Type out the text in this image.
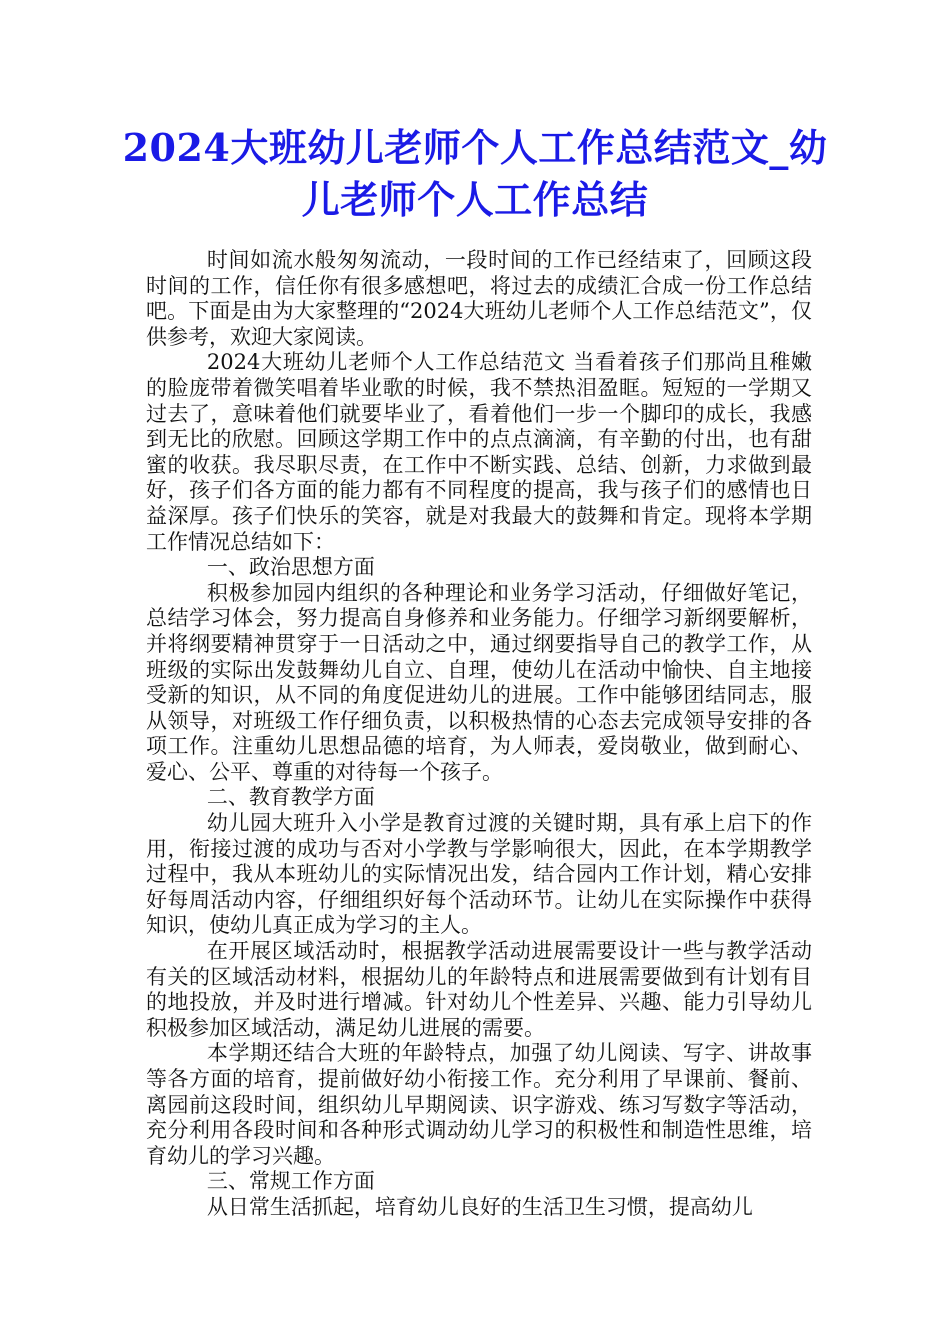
2024大班幼儿老师个人工作总结范文_幼儿老师个人工作总结

时间如流水般匆匆流动，一段时间的工作已经结束了，回顾这段时间的工作，信任你有很多感想吧，将过去的成绩汇合成一份工作总结吧。下面是由为大家整理的“2024大班幼儿老师个人工作总结范文”，仅供参考，欢迎大家阅读。

2024大班幼儿老师个人工作总结范文 当看着孩子们那尚且稚嫩的脸庞带着微笑唱着毕业歌的时候，我不禁热泪盈眶。短短的一学期又过去了，意味着他们就要毕业了，看着他们一步一个脚印的成长，我感到无比的欣慰。回顾这学期工作中的点点滴滴，有辛勤的付出，也有甜蜜的收获。我尽职尽责，在工作中不断实践、总结、创新，力求做到最好，孩子们各方面的能力都有不同程度的提高，我与孩子们的感情也日益深厚。孩子们快乐的笑容，就是对我最大的鼓舞和肯定。现将本学期工作情况总结如下：

一、政治思想方面

积极参加园内组织的各种理论和业务学习活动，仔细做好笔记，总结学习体会，努力提高自身修养和业务能力。仔细学习新纲要解析，并将纲要精神贯穿于一日活动之中，通过纲要指导自己的教学工作，从班级的实际出发鼓舞幼儿自立、自理，使幼儿在活动中愉快、自主地接受新的知识，从不同的角度促进幼儿的进展。工作中能够团结同志，服从领导，对班级工作仔细负责，以积极热情的心态去完成领导安排的各项工作。注重幼儿思想品德的培育，为人师表，爱岗敬业，做到耐心、爱心、公平、尊重的对待每一个孩子。

二、教育教学方面

幼儿园大班升入小学是教育过渡的关键时期，具有承上启下的作用，衔接过渡的成功与否对小学教与学影响很大，因此，在本学期教学过程中，我从本班幼儿的实际情况出发，结合园内工作计划，精心安排好每周活动内容，仔细组织好每个活动环节。让幼儿在实际操作中获得知识，使幼儿真正成为学习的主人。

在开展区域活动时，根据教学活动进展需要设计一些与教学活动有关的区域活动材料，根据幼儿的年龄特点和进展需要做到有计划有目的地投放，并及时进行增减。针对幼儿个性差异、兴趣、能力引导幼儿积极参加区域活动，满足幼儿进展的需要。

本学期还结合大班的年龄特点，加强了幼儿阅读、写字、讲故事等各方面的培育，提前做好幼小衔接工作。充分利用了早课前、餐前、离园前这段时间，组织幼儿早期阅读、识字游戏、练习写数字等活动，充分利用各段时间和各种形式调动幼儿学习的积极性和制造性思维，培育幼儿的学习兴趣。

三、常规工作方面

从日常生活抓起，培育幼儿良好的生活卫生习惯，提高幼儿
